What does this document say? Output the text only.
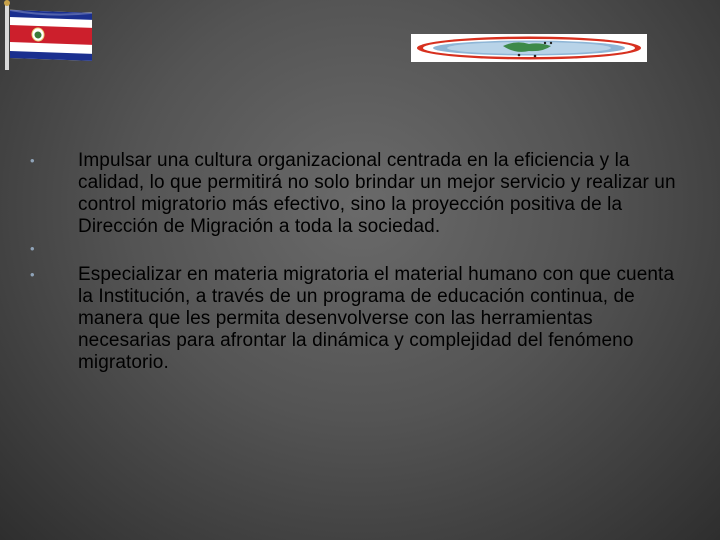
•	Impulsar una cultura organizacional centrada en la eficiencia y la calidad, lo que permitirá no solo brindar un mejor servicio y realizar un control migratorio más efectivo, sino la proyección positiva de la Dirección de Migración a toda la sociedad.

•

•	Especializar en materia migratoria el material humano con que cuenta la Institución, a través de un programa de educación continua, de manera que les permita desenvolverse con las herramientas necesarias para afrontar la dinámica y complejidad del fenómeno migratorio.
